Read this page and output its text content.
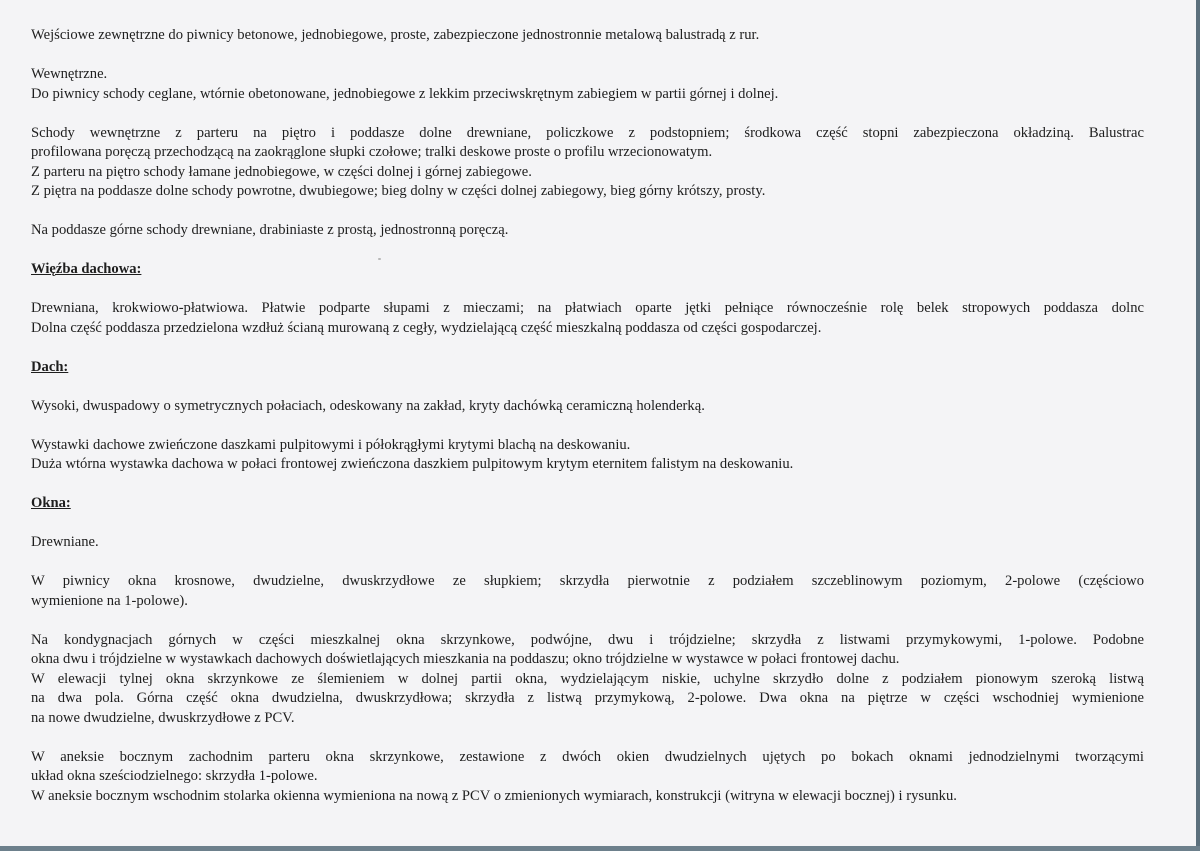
Wejściowe zewnętrzne do piwnicy betonowe, jednobiegowe, proste, zabezpieczone jednostronnie metalową balustradą z rur.
Wewnętrzne.
Do piwnicy schody ceglane, wtórnie obetonowane, jednobiegowe z lekkim przeciwskrętnym zabiegiem w partii górnej i dolnej.
Schody wewnętrzne z parteru na piętro i poddasze dolne drewniane, policzkowe z podstopniem; środkowa część stopni zabezpieczona okładziną. Balustrac
profilowana poręczą przechodzącą na zaokrąglone słupki czołowe; tralki deskowe proste o profilu wrzecionowatym.
Z parteru na piętro schody łamane jednobiegowe, w części dolnej i górnej zabiegowe.
Z piętra na poddasze dolne schody powrotne, dwubiegowe; bieg dolny w części dolnej zabiegowy, bieg górny krótszy, prosty.
Na poddasze górne schody drewniane, drabiniaste z prostą, jednostronną poręczą.
Więźba dachowa:
Drewniana, krokwiowo-płatwiowa. Płatwie podparte słupami z mieczami; na płatwiach oparte jętki pełniące równocześnie rolę belek stropowych poddasza dolnc
Dolna część poddasza przedzielona wzdłuż ścianą murowaną z cegły, wydzielającą część mieszkalną poddasza od części gospodarczej.
Dach:
Wysoki, dwuspadowy o symetrycznych połaciach, odeskowany na zakład, kryty dachówką ceramiczną holenderką.
Wystawki dachowe zwieńczone daszkami pulpitowymi i półokrągłymi krytymi blachą na deskowaniu.
Duża wtórna wystawka dachowa w połaci frontowej zwieńczona daszkiem pulpitowym krytym eternitem falistym na deskowaniu.
Okna:
Drewniane.
W piwnicy okna krosnowe, dwudzielne, dwuskrzydłowe ze słupkiem; skrzydła pierwotnie z podziałem szczeblinowym poziomym, 2-polowe (częściowo
wymienione na 1-polowe).
Na kondygnacjach górnych w części mieszkalnej okna skrzynkowe, podwójne, dwu i trójdzielne; skrzydła z listwami przymykowymi, 1-polowe. Podobne
okna dwu i trójdzielne w wystawkach dachowych doświetlających mieszkania na poddaszu; okno trójdzielne w wystawce w połaci frontowej dachu.
W elewacji tylnej okna skrzynkowe ze ślemieniem w dolnej partii okna, wydzielającym niskie, uchylne skrzydło dolne z podziałem pionowym szeroką listwą
na dwa pola. Górna część okna dwudzielna, dwuskrzydłowa; skrzydła z listwą przymykową, 2-polowe. Dwa okna na piętrze w części wschodniej wymienione
na nowe dwudzielne, dwuskrzydłowe z PCV.
W aneksie bocznym zachodnim parteru okna skrzynkowe, zestawione z dwóch okien dwudzielnych ujętych po bokach oknami jednodzielnymi tworzącymi
układ okna sześciodzielnego: skrzydła 1-polowe.
W aneksie bocznym wschodnim stolarka okienna wymieniona na nową z PCV o zmienionych wymiarach, konstrukcji (witryna w elewacji bocznej) i rysunku.
